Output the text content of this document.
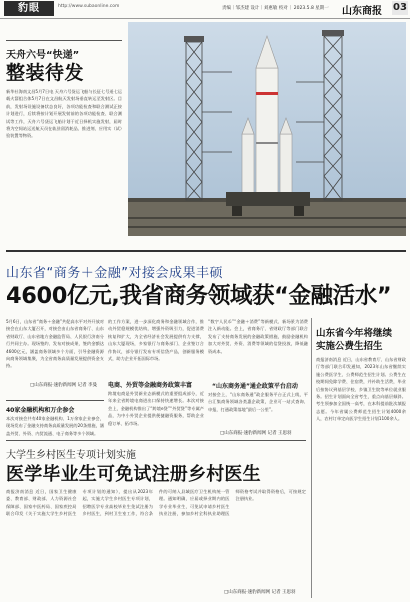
豹眼	http://www.subaonline.com	责编｜邹杰建 设计｜刘惠敏 校对｜ 2023.5.8 星期一 山东商报 03
天舟六号“快递”
整装待发
新华社海南文昌5月7日电 天舟六号货运飞船与长征七号遥七运载火箭组合体5月7日在文昌航天发射场垂直转运至发射区。目前，发射场设施设备状态良好，各项功能检查和联合测试正按计划进行，后续将按计划开展发射前的各项功能检查、联合测试等工作，天舟六号货运飞船计划于近日择机实施发射，届时将为空间站运送航天员在轨驻留消耗品、推进剂、应用实（试）验装置等物资。
山东省“商务＋金融”对接会成果丰硕
4600亿元,我省商务领域获“金融活水”
5月6日，山东省“商务＋金融”共促高水平对外开放对接会在山东大厦召开，对接会由山东省商务厅、山东省财政厅、山东省地方金融监管局、人民银行济南分行共同主办。现场签约、发布对接成果，签约金额达4600亿元，涵盖商务领域多个方面，引导金融资源向商务领域集聚，为全省商务高质量发展提供资金支持。
□山东商报·速豹新闻网 记者 李曼
40家金融机构和万企参会
本次对接会共有40家金融机构、1万余家企业参会，现场发布了金融支持商务高质量发展的20条措施，涵盖外贸、外资、内贸流通、电子商务等多个领域。
的工作方案，进一步深化商务和金融领域合作，推动外贸稳规模优结构，增强外资吸引力，促进消费恢复和扩大，为全省经济社会发展提供有力支撑，山东大厦现场，多家银行与商务部门、企业签订合作协议，部分银行发布专项信贷产品，创新服务模式，助力企业开拓国际市场。
电商、外贸等金融商务政策丰富
跨境电商是外贸新业态新模式的重要组成部分，近年来全省跨境电商进出口保持快速增长。本次对接会上，金融机构推出了“跨境e贷”“外贸贷”等专属产品，为中小外贸企业提供便捷融资服务，帮助企业稳订单、拓市场。
“数字人民币”“金融＋消费”等新模式、新场景为消费注入新动能。会上，省商务厅、省财政厅等部门联合发布了支持商务发展的金融政策措施，鼓励金融机构加大对外贸、外资、消费等领域的信贷投放，降低融资成本。
“山东商务通”通企政策平台启动
对接会上，“山东商务通”政企服务平台正式上线，平台汇集商务领域各类惠企政策，企业可一站式查询、申报，打通政策落地“最后一公里”。
□山东商报·速豹新闻网 记者 王思羽
山东省今年将继续
实施公费生招生
商报济南消息 近日，山东省教育厅、山东省财政厅等部门联合印发通知，2023年山东省继续实施公费医学生、公费师范生招生计划。公费生在校期间免除学费、住宿费，并补助生活费，毕业后按协议到基层学校、乡镇卫生院等单位就业服务。招生计划面向全省考生，重点向基层倾斜。考生须参加全国统一高考，在本科提前批次填报志愿。今年省属公费师范生招生计划4000余人，农村订单定向医学生招生计划1100余人。
大学生乡村医生专项计划实施
医学毕业生可免试注册乡村医生
商报济南消息 近日，国家卫生健康委、教育部、财政部、人力资源社会保障部、国家中医药局、国家疾控局联合印发《关于实施大学生乡村医生专项计划的通知》，提出从2023年起，实施大学生乡村医生专项计划，招聘医学专业高校毕业生免试注册为乡村医生，到村卫生室工作，符合条件的可纳入县域医疗卫生机构统一管理。通知明确，应届或择业期内的医学专业毕业生，可免试申请乡村医生执业注册，参加乡村全科执业助理医师资格考试并取得资格后，可按规定注册执业。
□山东商报·速豹新闻网 记者 王思羽
